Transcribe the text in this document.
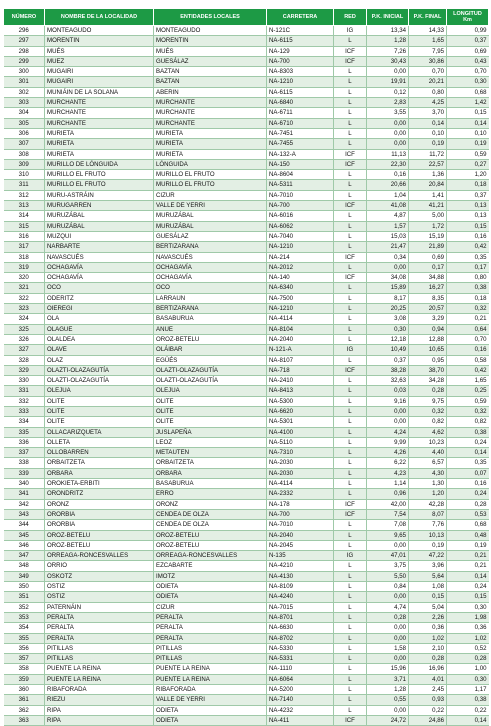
NÚMERO	NOMBRE DE LA LOCALIDAD	ENTIDADES LOCALES	CARRETERA	RED	P.K. INICIAL	P.K. FINAL	LONGITUD Km
296	MONTEAGUDO	MONTEAGUDO	N-121C	IG	13,34	14,33	0,99
297	MORENTIN	MORENTIN	NA-6115	L	1,28	1,65	0,37
298	MUÉS	MUÉS	NA-129	ICF	7,26	7,95	0,69
299	MUEZ	GUESÁLAZ	NA-700	ICF	30,43	30,86	0,43
300	MUGAIRI	BAZTAN	NA-8303	L	0,00	0,70	0,70
301	MUGAIRI	BAZTAN	NA-1210	L	19,91	20,21	0,30
302	MUNIÁIN DE LA SOLANA	ABERIN	NA-6115	L	0,12	0,80	0,68
303	MURCHANTE	MURCHANTE	NA-6840	L	2,83	4,25	1,42
304	MURCHANTE	MURCHANTE	NA-6711	L	3,55	3,70	0,15
305	MURCHANTE	MURCHANTE	NA-6710	L	0,00	0,14	0,14
306	MURIETA	MURIETA	NA-7451	L	0,00	0,10	0,10
307	MURIETA	MURIETA	NA-7455	L	0,00	0,19	0,19
308	MURIETA	MURIETA	NA-132-A	ICF	11,13	11,72	0,59
309	MURILLO DE LÓNGUIDA	LÓNGUIDA	NA-150	ICF	22,30	22,57	0,27
310	MURILLO EL FRUTO	MURILLO EL FRUTO	NA-8604	L	0,16	1,36	1,20
311	MURILLO EL FRUTO	MURILLO EL FRUTO	NA-5311	L	20,66	20,84	0,18
312	MURU-ASTRÁIN	CIZUR	NA-7010	L	1,04	1,41	0,37
313	MURUGARREN	VALLE DE YERRI	NA-700	ICF	41,08	41,21	0,13
314	MURUZÁBAL	MURUZÁBAL	NA-6016	L	4,87	5,00	0,13
315	MURUZÁBAL	MURUZÁBAL	NA-6062	L	1,57	1,72	0,15
316	MUZQUI	GUESÁLAZ	NA-7040	L	15,03	15,19	0,16
317	NARBARTE	BERTIZARANA	NA-1210	L	21,47	21,89	0,42
318	NAVASCUÉS	NAVASCUÉS	NA-214	ICF	0,34	0,69	0,35
319	OCHAGAVÍA	OCHAGAVÍA	NA-2012	L	0,00	0,17	0,17
320	OCHAGAVÍA	OCHAGAVÍA	NA-140	ICF	34,08	34,88	0,80
321	OCO	OCO	NA-6340	L	15,89	16,27	0,38
322	ODERITZ	LARRAUN	NA-7500	L	8,17	8,35	0,18
323	OIEREGI	BERTIZARANA	NA-1210	L	20,25	20,57	0,32
324	OLA	BASABURUA	NA-4114	L	3,08	3,29	0,21
325	OLAGUE	ANUE	NA-8104	L	0,30	0,94	0,64
326	OLALDEA	OROZ-BETELU	NA-2040	L	12,18	12,88	0,70
327	OLAVE	OLÁIBAR	N-121-A	IG	10,49	10,65	0,16
328	OLAZ	EGÜÉS	NA-8107	L	0,37	0,95	0,58
329	OLAZTI-OLAZAGUTÍA	OLAZTI-OLAZAGUTÍA	NA-718	ICF	38,28	38,70	0,42
330	OLAZTI-OLAZAGUTÍA	OLAZTI-OLAZAGUTÍA	NA-2410	L	32,63	34,28	1,65
331	OLEJUA	OLEJUA	NA-8413	L	0,03	0,28	0,25
332	OLITE	OLITE	NA-5300	L	9,16	9,75	0,59
333	OLITE	OLITE	NA-6620	L	0,00	0,32	0,32
334	OLITE	OLITE	NA-5301	L	0,00	0,82	0,82
335	OLLACARIZQUETA	JUSLAPEÑA	NA-4100	L	4,24	4,62	0,38
336	OLLETA	LEOZ	NA-5110	L	9,99	10,23	0,24
337	OLLOBARREN	METAUTEN	NA-7310	L	4,26	4,40	0,14
338	ORBAITZETA	ORBAITZETA	NA-2030	L	6,22	6,57	0,35
339	ORBARA	ORBARA	NA-2030	L	4,23	4,30	0,07
340	OROKIETA-ERBITI	BASABURUA	NA-4114	L	1,14	1,30	0,16
341	ORONDRITZ	ERRO	NA-2332	L	0,96	1,20	0,24
342	ORONZ	ORONZ	NA-178	ICF	42,00	42,28	0,28
343	ORORBIA	CENDEA DE OLZA	NA-700	ICF	7,54	8,07	0,53
344	ORORBIA	CENDEA DE OLZA	NA-7010	L	7,08	7,76	0,68
345	OROZ-BETELU	OROZ-BETELU	NA-2040	L	9,65	10,13	0,48
346	OROZ-BETELU	OROZ-BETELU	NA-2045	L	0,00	0,19	0,19
347	ORREAGA-RONCESVALLES	ORREAGA-RONCESVALLES	N-135	IG	47,01	47,22	0,21
348	ORRIO	EZCABARTE	NA-4210	L	3,75	3,96	0,21
349	OSKOTZ	IMOTZ	NA-4130	L	5,50	5,64	0,14
350	OSTIZ	ODIETA	NA-8109	L	0,84	1,08	0,24
351	OSTIZ	ODIETA	NA-4240	L	0,00	0,15	0,15
352	PATERNÁIN	CIZUR	NA-7015	L	4,74	5,04	0,30
353	PERALTA	PERALTA	NA-8701	L	0,28	2,26	1,98
354	PERALTA	PERALTA	NA-6630	L	0,00	0,36	0,36
355	PERALTA	PERALTA	NA-8702	L	0,00	1,02	1,02
356	PITILLAS	PITILLAS	NA-5330	L	1,58	2,10	0,52
357	PITILLAS	PITILLAS	NA-5331	L	0,00	0,28	0,28
358	PUENTE LA REINA	PUENTE LA REINA	NA-1110	L	15,96	16,96	1,00
359	PUENTE LA REINA	PUENTE LA REINA	NA-6064	L	3,71	4,01	0,30
360	RIBAFORADA	RIBAFORADA	NA-5200	L	1,28	2,45	1,17
361	RIEZU	VALLE DE YERRI	NA-7140	L	0,55	0,93	0,38
362	RIPA	ODIETA	NA-4232	L	0,00	0,22	0,22
363	RIPA	ODIETA	NA-411	ICF	24,72	24,86	0,14
